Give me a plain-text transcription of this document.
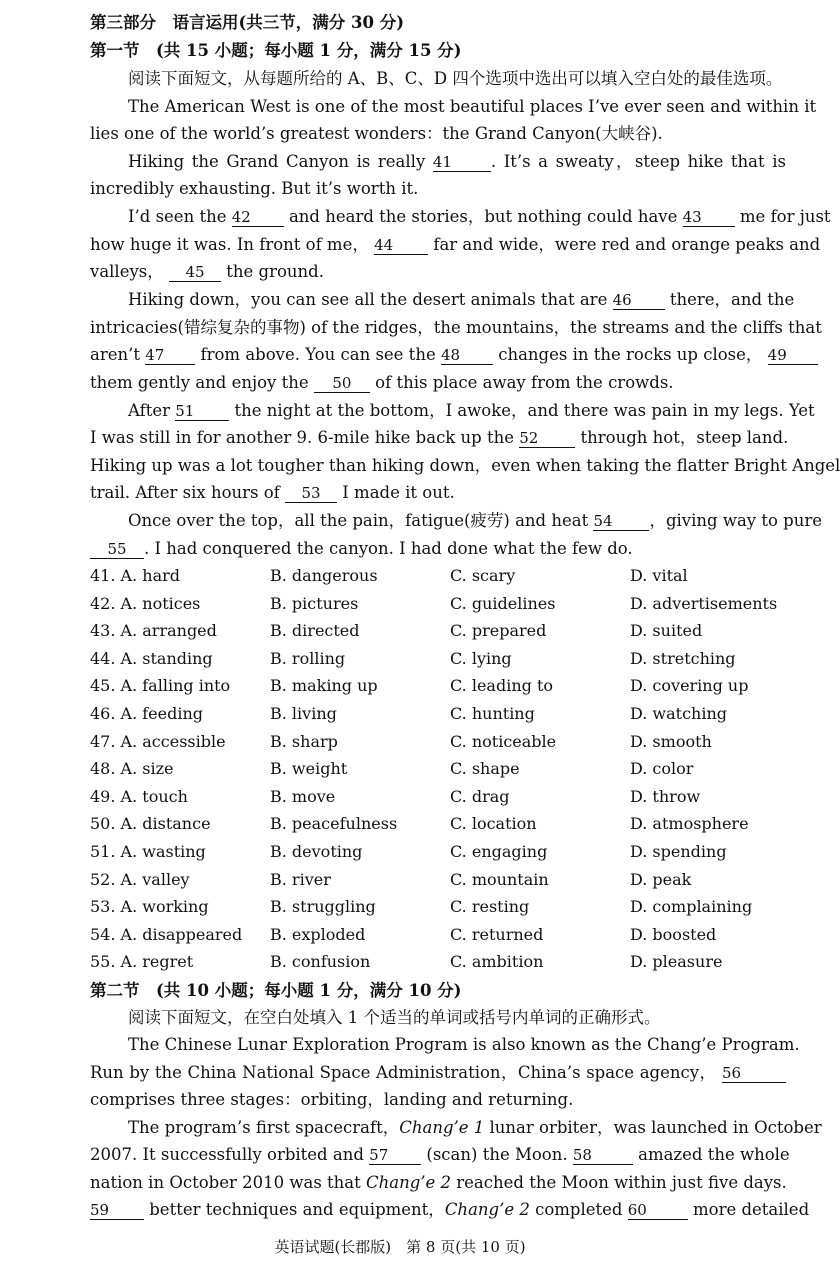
第三部分　语言运用(共三节，满分 30 分)
第一节　(共 15 小题；每小题 1 分，满分 15 分)
阅读下面短文，从每题所给的 A、B、C、D 四个选项中选出可以填入空白处的最佳选项。
The American West is one of the most beautiful places I’ve ever seen and within it
lies one of the world’s greatest wonders：the Grand Canyon(大峡谷).
Hiking the Grand Canyon is really 41 . It’s a sweaty，steep hike that is
incredibly exhausting. But it’s worth it.
I’d seen the 42 and heard the stories，but nothing could have 43 me for just
how huge it was. In front of me， 44 far and wide，were red and orange peaks and
valleys， 45 the ground.
Hiking down，you can see all the desert animals that are 46 there，and the
intricacies(错综复杂的事物) of the ridges，the mountains，the streams and the cliffs that
aren’t 47 from above. You can see the 48 changes in the rocks up close， 49
them gently and enjoy the 50 of this place away from the crowds.
After 51 the night at the bottom，I awoke，and there was pain in my legs. Yet
I was still in for another 9. 6-mile hike back up the 52	through hot，steep land.
Hiking up was a lot tougher than hiking down，even when taking the flatter Bright Angel
trail. After six hours of 53 I made it out.
Once over the top，all the pain，fatigue(疲劳) and heat 54 ，giving way to pure
55 . I had conquered the canyon. I had done what the few do.
41. A. hard	B. dangerous	C. scary	D. vital
42. A. notices	B. pictures	C. guidelines	D. advertisements
43. A. arranged	B. directed	C. prepared	D. suited
44. A. standing	B. rolling	C. lying	D. stretching
45. A. falling into B. making up	C. leading to	D. covering up
46. A. feeding	B. living	C. hunting	D. watching
47. A. accessible	B. sharp	C. noticeable	D. smooth
48. A. size	B. weight	C. shape	D. color
49. A. touch	B. move	C. drag	D. throw
50. A. distance	B. peacefulness	C. location	D. atmosphere
51. A. wasting	B. devoting	C. engaging	D. spending
52. A. valley	B. river	C. mountain	D. peak
53. A. working	B. struggling	C. resting	D. complaining
54. A. disappeared B. exploded	C. returned	D. boosted
55. A. regret	B. confusion	C. ambition	D. pleasure
第二节　(共 10 小题；每小题 1 分，满分 10 分)
阅读下面短文，在空白处填入 1 个适当的单词或括号内单词的正确形式。
The Chinese Lunar Exploration Program is also known as the Chang’e Program.
Run by the China National Space Administration，China’s space agency， 56
comprises three stages：orbiting，landing and returning.
The program’s first spacecraft，Chang’e 1 lunar orbiter，was launched in October
2007. It successfully orbited and 57 (scan) the Moon. 58	amazed the whole
nation in October 2010 was that Chang’e 2 reached the Moon within just five days.
59 better techniques and equipment，Chang’e 2 completed 60	more detailed
英语试题(长郡版)　第 8 页(共 10 页)
